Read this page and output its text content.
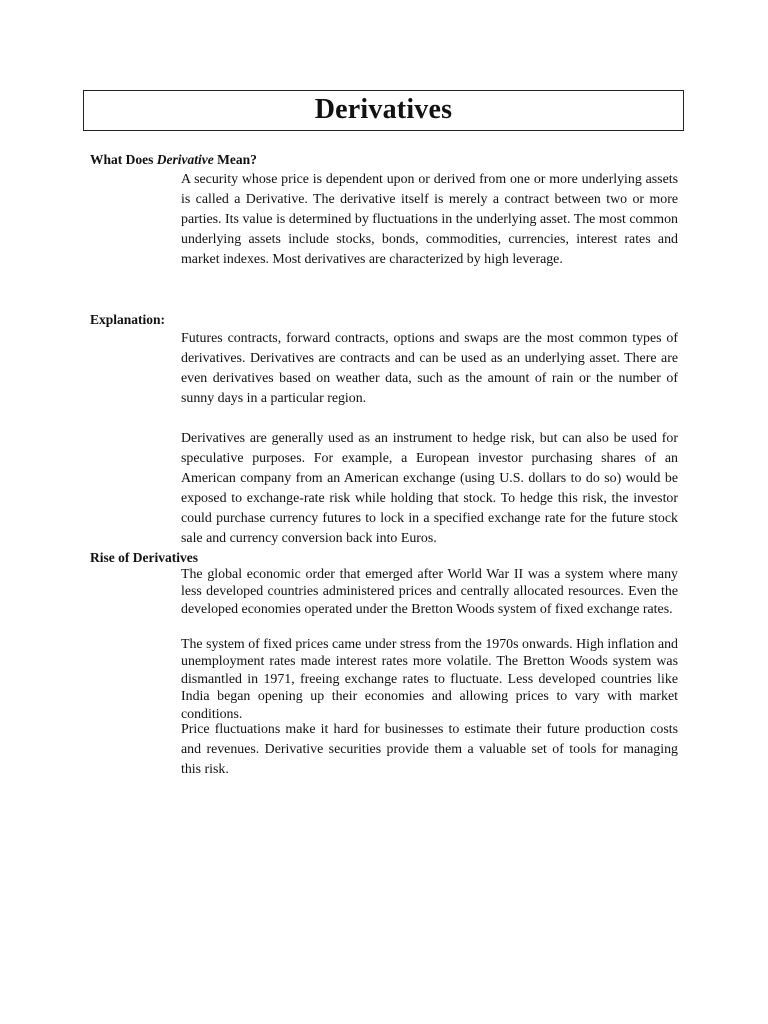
Derivatives
What Does Derivative Mean?

A security whose price is dependent upon or derived from one or more underlying assets is called a Derivative. The derivative itself is merely a contract between two or more parties. Its value is determined by fluctuations in the underlying asset. The most common underlying assets include stocks, bonds, commodities, currencies, interest rates and market indexes. Most derivatives are characterized by high leverage.

Explanation:

Futures contracts, forward contracts, options and swaps are the most common types of derivatives. Derivatives are contracts and can be used as an underlying asset. There are even derivatives based on weather data, such as the amount of rain or the number of sunny days in a particular region.

Derivatives are generally used as an instrument to hedge risk, but can also be used for speculative purposes. For example, a European investor purchasing shares of an American company from an American exchange (using U.S. dollars to do so) would be exposed to exchange-rate risk while holding that stock. To hedge this risk, the investor could purchase currency futures to lock in a specified exchange rate for the future stock sale and currency conversion back into Euros.

Rise of Derivatives

The global economic order that emerged after World War II was a system where many less developed countries administered prices and centrally allocated resources. Even the developed economies operated under the Bretton Woods system of fixed exchange rates.

The system of fixed prices came under stress from the 1970s onwards. High inflation and unemployment rates made interest rates more volatile. The Bretton Woods system was dismantled in 1971, freeing exchange rates to fluctuate. Less developed countries like India began opening up their economies and allowing prices to vary with market conditions.

Price fluctuations make it hard for businesses to estimate their future production costs and revenues. Derivative securities provide them a valuable set of tools for managing this risk.
